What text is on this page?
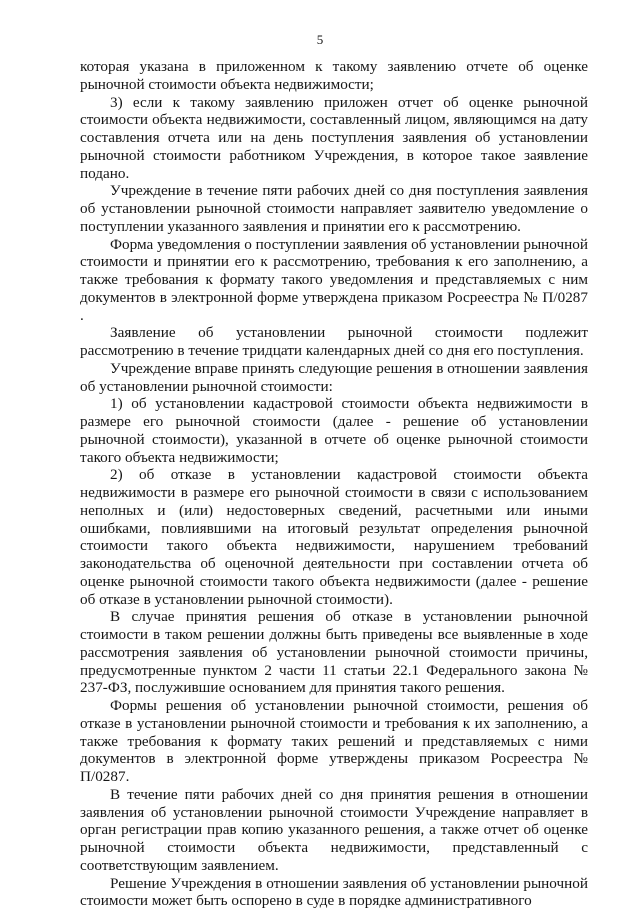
5

которая указана в приложенном к такому заявлению отчете об оценке рыночной стоимости объекта недвижимости;

3) если к такому заявлению приложен отчет об оценке рыночной стоимости объекта недвижимости, составленный лицом, являющимся на дату составления отчета или на день поступления заявления об установлении рыночной стоимости работником Учреждения, в которое такое заявление подано.

Учреждение в течение пяти рабочих дней со дня поступления заявления об установлении рыночной стоимости направляет заявителю уведомление о поступлении указанного заявления и принятии его к рассмотрению.

Форма уведомления о поступлении заявления об установлении рыночной стоимости и принятии его к рассмотрению, требования к его заполнению, а также требования к формату такого уведомления и представляемых с ним документов в электронной форме утверждена приказом Росреестра № П/0287 .

Заявление об установлении рыночной стоимости подлежит рассмотрению в течение тридцати календарных дней со дня его поступления.

Учреждение вправе принять следующие решения в отношении заявления об установлении рыночной стоимости:

1) об установлении кадастровой стоимости объекта недвижимости в размере его рыночной стоимости (далее - решение об установлении рыночной стоимости), указанной в отчете об оценке рыночной стоимости такого объекта недвижимости;

2) об отказе в установлении кадастровой стоимости объекта недвижимости в размере его рыночной стоимости в связи с использованием неполных и (или) недостоверных сведений, расчетными или иными ошибками, повлиявшими на итоговый результат определения рыночной стоимости такого объекта недвижимости, нарушением требований законодательства об оценочной деятельности при составлении отчета об оценке рыночной стоимости такого объекта недвижимости (далее - решение об отказе в установлении рыночной стоимости).

В случае принятия решения об отказе в установлении рыночной стоимости в таком решении должны быть приведены все выявленные в ходе рассмотрения заявления об установлении рыночной стоимости причины, предусмотренные пунктом 2 части 11 статьи 22.1 Федерального закона № 237-ФЗ, послужившие основанием для принятия такого решения.

Формы решения об установлении рыночной стоимости, решения об отказе в установлении рыночной стоимости и требования к их заполнению, а также требования к формату таких решений и представляемых с ними документов в электронной форме утверждены приказом Росреестра № П/0287.

В течение пяти рабочих дней со дня принятия решения в отношении заявления об установлении рыночной стоимости Учреждение направляет в орган регистрации прав копию указанного решения, а также отчет об оценке рыночной стоимости объекта недвижимости, представленный с соответствующим заявлением.

Решение Учреждения в отношении заявления об установлении рыночной стоимости может быть оспорено в суде в порядке административного
